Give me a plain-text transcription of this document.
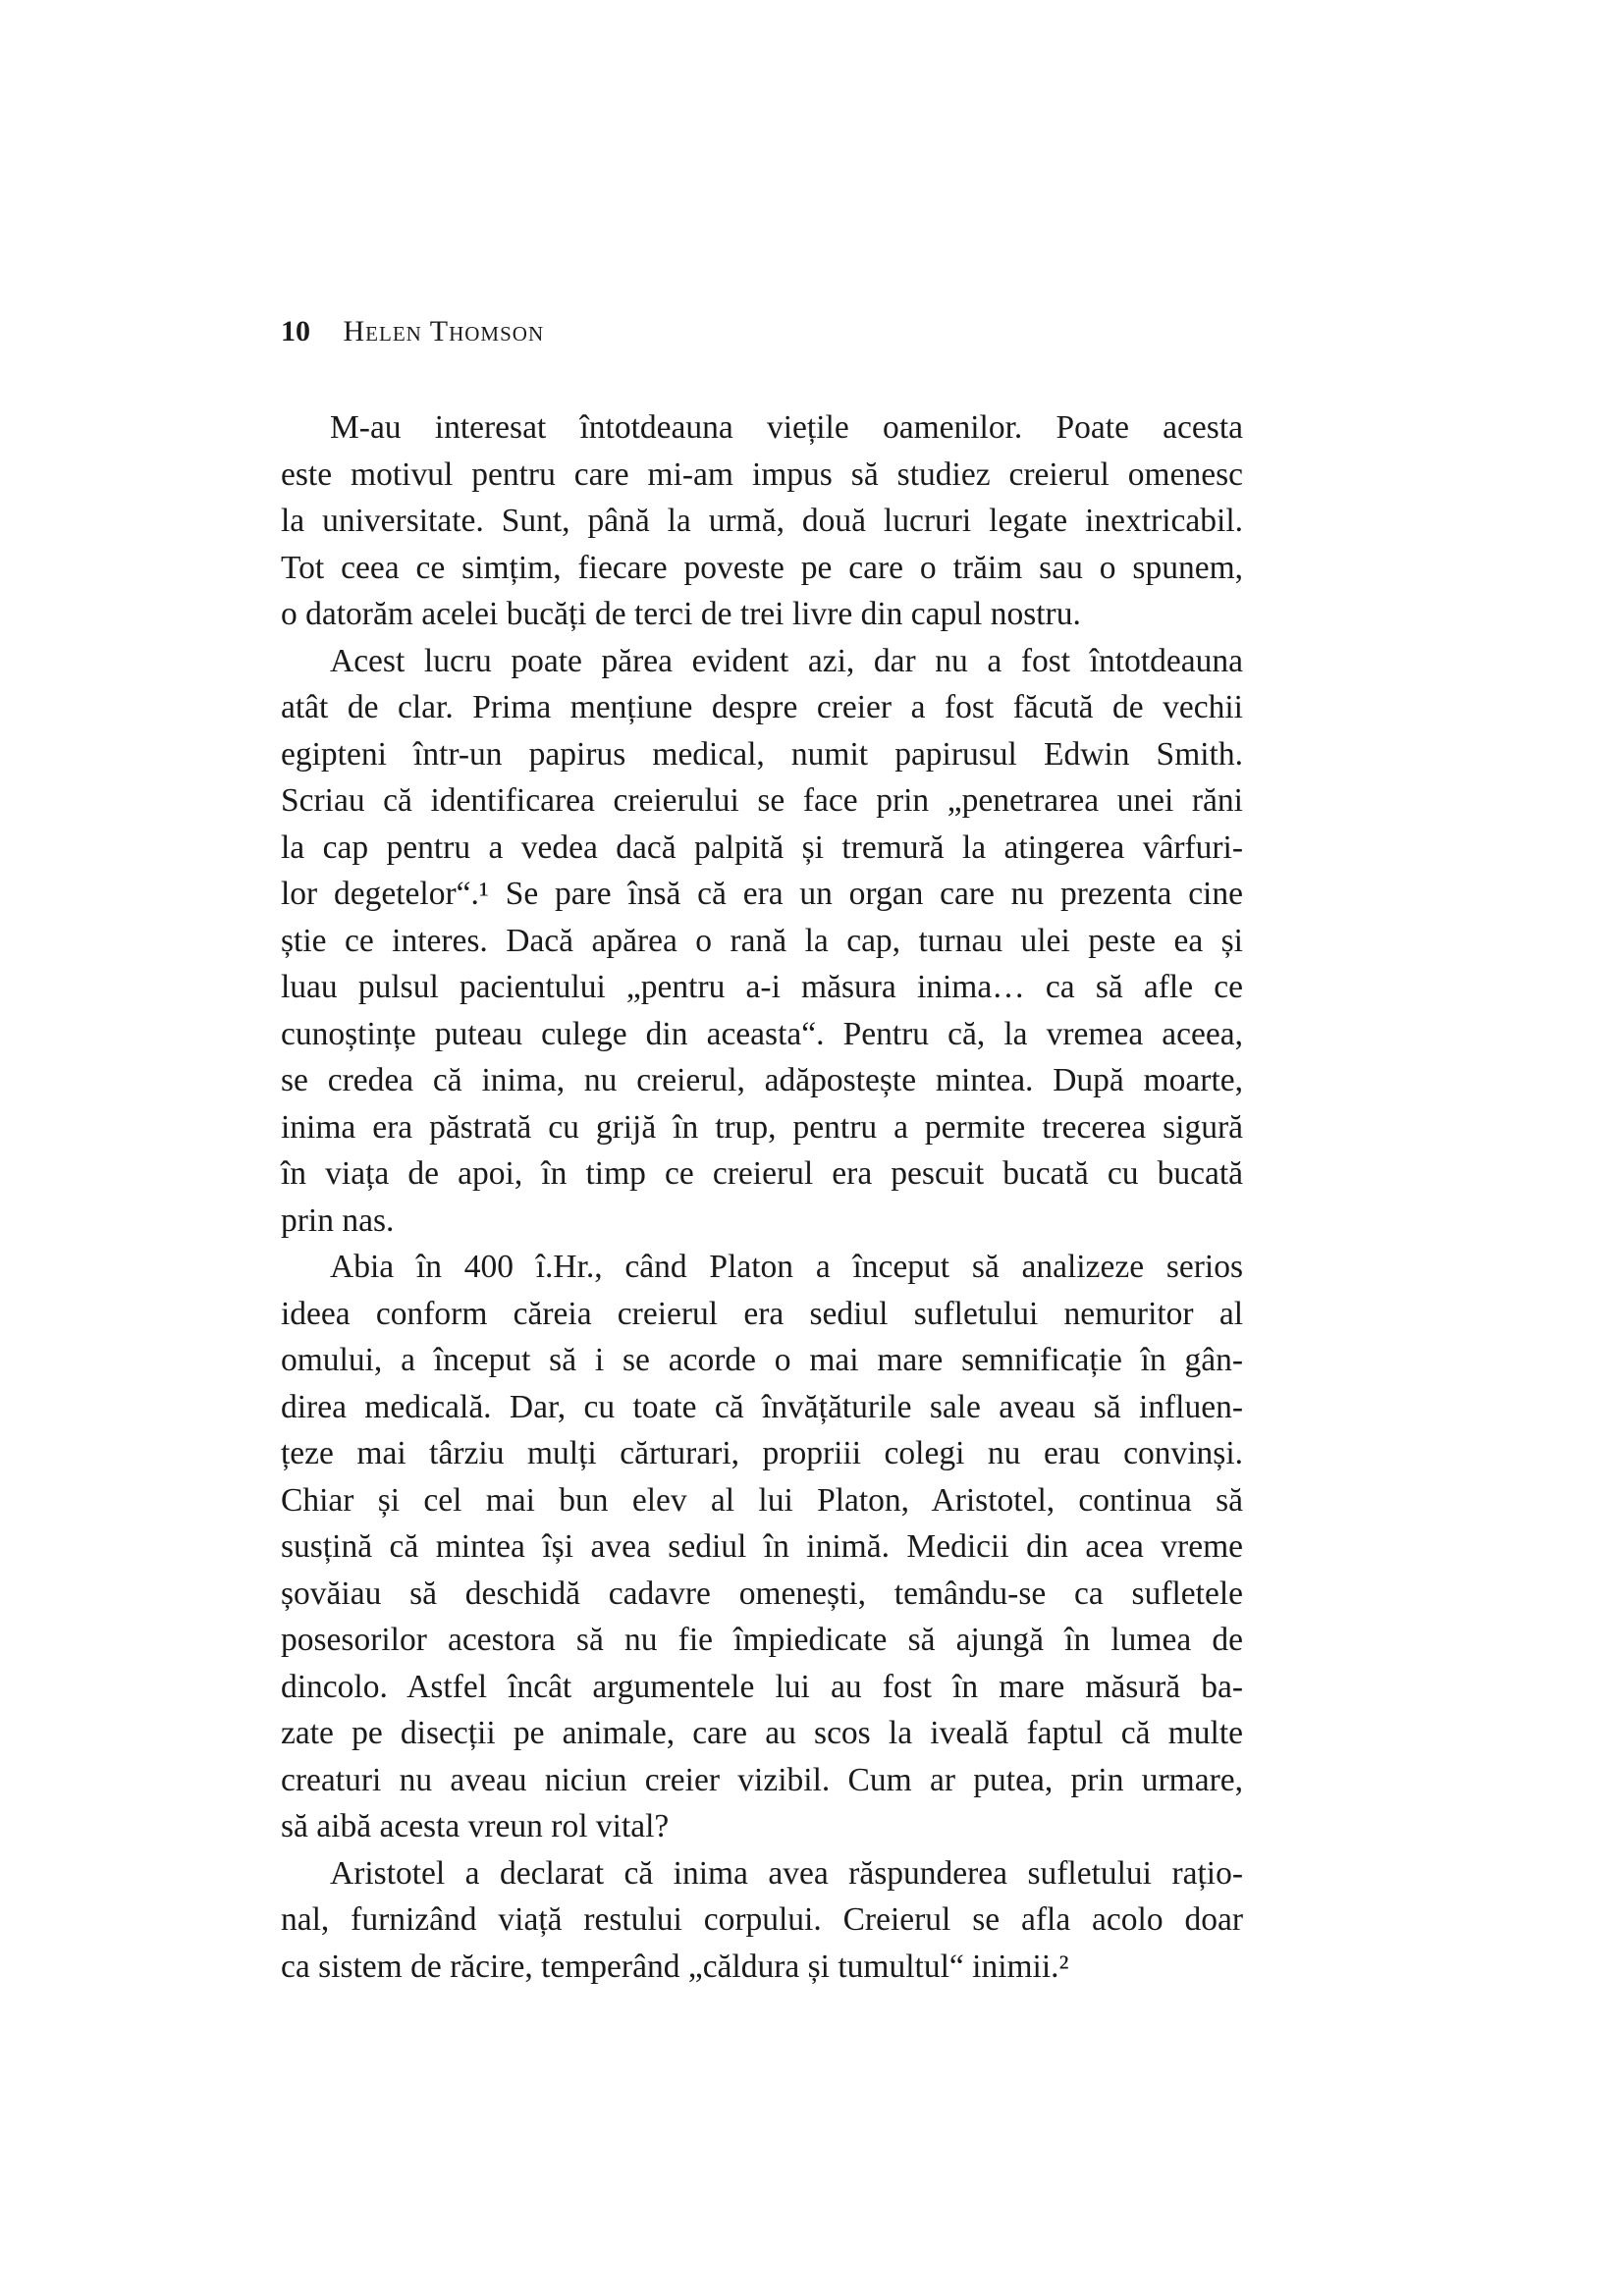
10 Helen Thomson
M-au interesat întotdeauna viețile oamenilor. Poate acesta
este motivul pentru care mi-am impus să studiez creierul omenesc
la universitate. Sunt, până la urmă, două lucruri legate inextricabil.
Tot ceea ce simțim, fiecare poveste pe care o trăim sau o spunem,
o datorăm acelei bucăți de terci de trei livre din capul nostru.
Acest lucru poate părea evident azi, dar nu a fost întotdeauna
atât de clar. Prima mențiune despre creier a fost făcută de vechii
egipteni într-un papirus medical, numit papirusul Edwin Smith.
Scriau că identificarea creierului se face prin „penetrarea unei răni
la cap pentru a vedea dacă palpită și tremură la atingerea vârfuri-
lor degetelor“.¹ Se pare însă că era un organ care nu prezenta cine
știe ce interes. Dacă apărea o rană la cap, turnau ulei peste ea și
luau pulsul pacientului „pentru a-i măsura inima… ca să afle ce
cunoștințe puteau culege din aceasta“. Pentru că, la vremea aceea,
se credea că inima, nu creierul, adăpostește mintea. După moarte,
inima era păstrată cu grijă în trup, pentru a permite trecerea sigură
în viața de apoi, în timp ce creierul era pescuit bucată cu bucată
prin nas.
Abia în 400 î.Hr., când Platon a început să analizeze serios
ideea conform căreia creierul era sediul sufletului nemuritor al
omului, a început să i se acorde o mai mare semnificație în gân-
direa medicală. Dar, cu toate că învățăturile sale aveau să influen-
țeze mai târziu mulți cărturari, propriii colegi nu erau convinși.
Chiar și cel mai bun elev al lui Platon, Aristotel, continua să
susțină că mintea își avea sediul în inimă. Medicii din acea vreme
șovăiau să deschidă cadavre omenești, temându-se ca sufletele
posesorilor acestora să nu fie împiedicate să ajungă în lumea de
dincolo. Astfel încât argumentele lui au fost în mare măsură ba-
zate pe disecții pe animale, care au scos la iveală faptul că multe
creaturi nu aveau niciun creier vizibil. Cum ar putea, prin urmare,
să aibă acesta vreun rol vital?
Aristotel a declarat că inima avea răspunderea sufletului rațio-
nal, furnizând viață restului corpului. Creierul se afla acolo doar
ca sistem de răcire, temperând „căldura și tumultul“ inimii.²
